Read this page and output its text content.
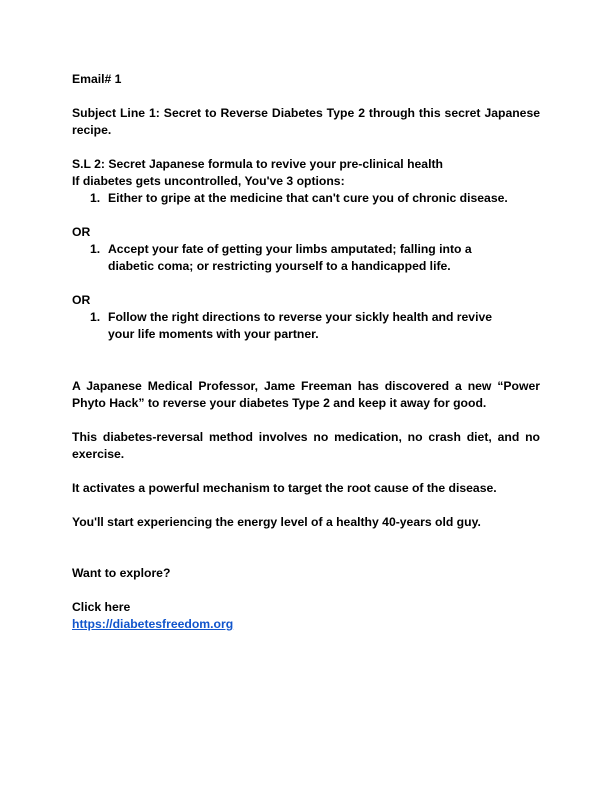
Email# 1

Subject Line 1: Secret to Reverse Diabetes Type 2 through this secret Japanese recipe.

S.L 2: Secret Japanese formula to revive your pre-clinical health

If diabetes gets uncontrolled, You've 3 options:

1. Either to gripe at the medicine that can't cure you of chronic disease.

OR

1. Accept your fate of getting your limbs amputated; falling into a diabetic coma; or restricting yourself to a handicapped life.

OR

1. Follow the right directions to reverse your sickly health and revive your life moments with your partner.

A Japanese Medical Professor, Jame Freeman has discovered a new “Power Phyto Hack” to reverse your diabetes Type 2 and keep it away for good.

This diabetes-reversal method involves no medication, no crash diet, and no exercise.

It activates a powerful mechanism to target the root cause of the disease.

You'll start experiencing the energy level of a healthy 40-years old guy.

Want to explore?

Click here

https://diabetesfreedom.org
